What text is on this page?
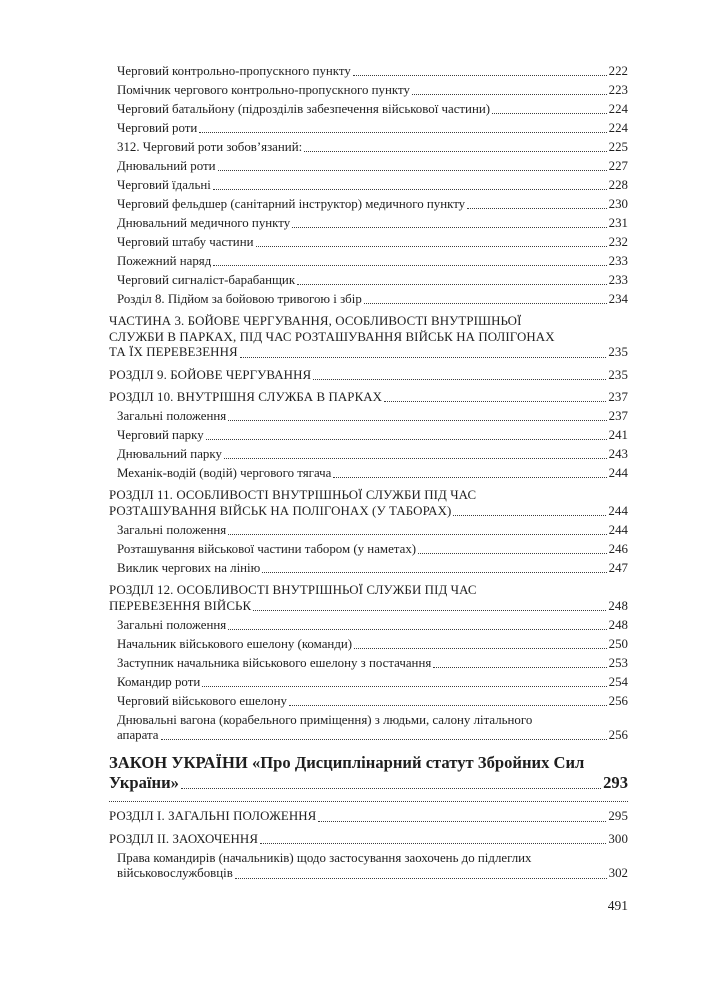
Черговий контрольно-пропускного пункту	222
Помічник чергового контрольно-пропускного пункту	223
Черговий батальйону (підрозділів забезпечення військової частини)	224
Черговий роти	224
312. Черговий роти зобов’язаний:	225
Днювальний роти	227
Черговий їдальні	228
Черговий фельдшер (санітарний інструктор) медичного пункту	230
Днювальний медичного пункту	231
Черговий штабу частини	232
Пожежний наряд	233
Черговий сигналіст-барабанщик	233
Розділ 8. Підйом за бойовою тривогою і збір	234
ЧАСТИНА 3. БОЙОВЕ ЧЕРГУВАННЯ, ОСОБЛИВОСТІ ВНУТРІШНЬОЇ
СЛУЖБИ В ПАРКАХ, ПІД ЧАС РОЗТАШУВАННЯ ВІЙСЬК НА ПОЛІГОНАХ
ТА ЇХ ПЕРЕВЕЗЕННЯ	235
РОЗДІЛ 9. БОЙОВЕ ЧЕРГУВАННЯ	235
РОЗДІЛ 10. ВНУТРІШНЯ СЛУЖБА В ПАРКАХ	237
Загальні положення	237
Черговий парку	241
Днювальний парку	243
Механік-водій (водій) чергового тягача	244
РОЗДІЛ 11. ОСОБЛИВОСТІ ВНУТРІШНЬОЇ СЛУЖБИ ПІД ЧАС
РОЗТАШУВАННЯ ВІЙСЬК НА ПОЛІГОНАХ (У ТАБОРАХ)	244
Загальні положення	244
Розташування військової частини табором (у наметах)	246
Виклик чергових на лінію	247
РОЗДІЛ 12. ОСОБЛИВОСТІ ВНУТРІШНЬОЇ СЛУЖБИ ПІД ЧАС
ПЕРЕВЕЗЕННЯ ВІЙСЬК	248
Загальні положення	248
Начальник військового ешелону (команди)	250
Заступник начальника військового ешелону з постачання	253
Командир роти	254
Черговий військового ешелону	256
Днювальні вагона (корабельного приміщення) з людьми, салону літального
апарата	256
ЗАКОН УКРАЇНИ «Про Дисциплінарний статут Збройних Сил
України»	293
РОЗДІЛ I. ЗАГАЛЬНІ ПОЛОЖЕННЯ	295
РОЗДІЛ II. ЗАОХОЧЕННЯ	300
Права командирів (начальників) щодо застосування заохочень до підлеглих
військовослужбовців	302
491
